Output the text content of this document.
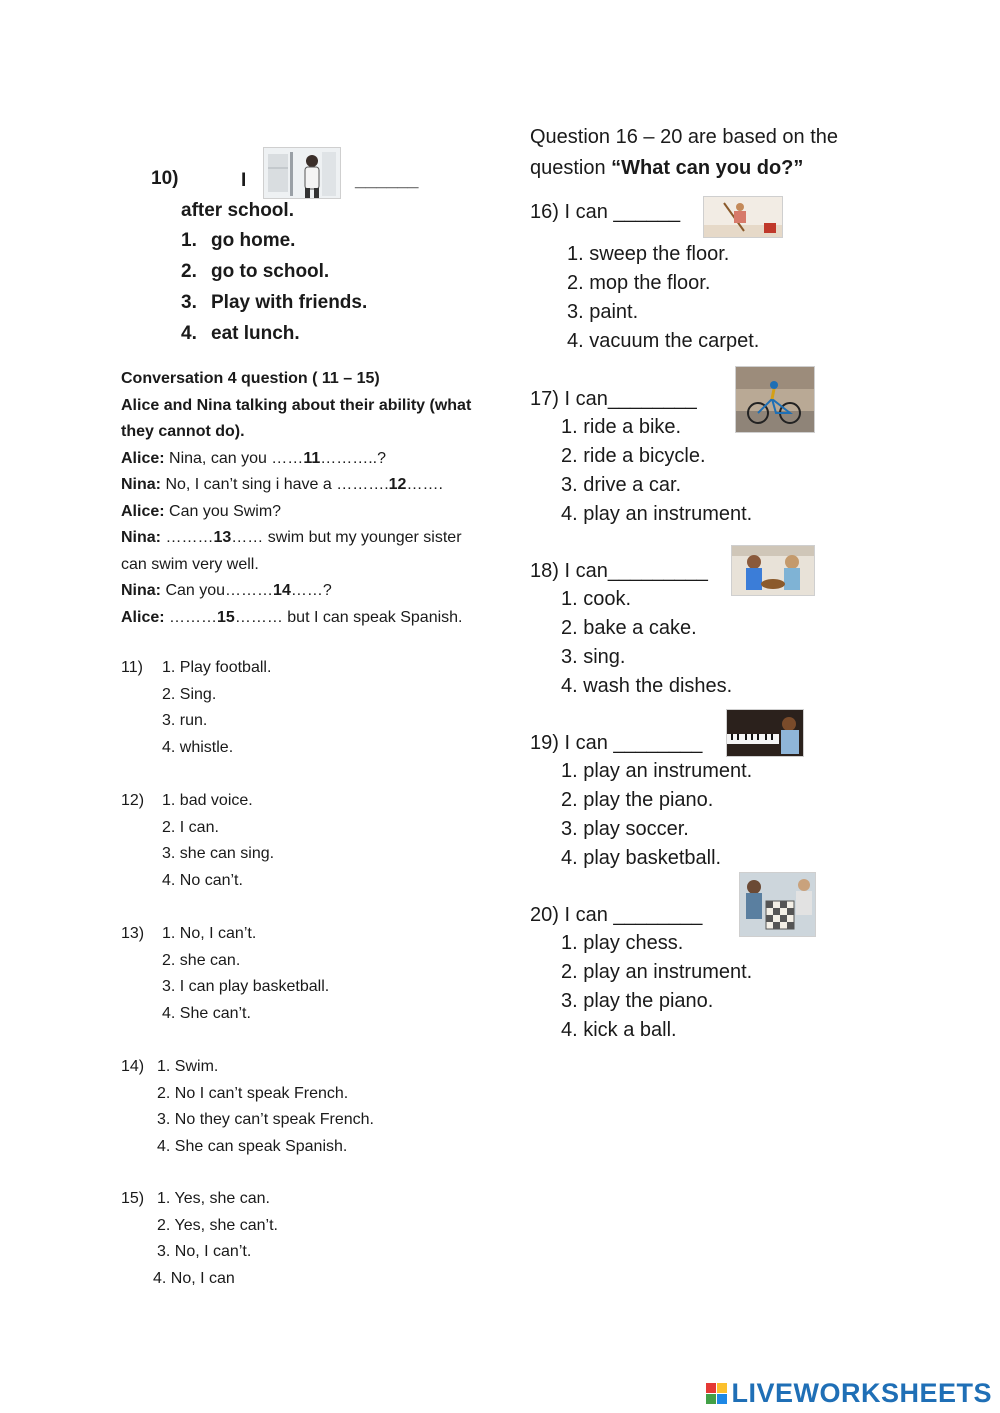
10)	I	______
after school.
1. go home.
2. go to school.
3. Play with friends.
4. eat lunch.
Conversation 4 question ( 11 – 15)
Alice and Nina talking about their ability (what they cannot do).
Alice: Nina, can you ……11………..?
Nina: No, I can’t sing i have a ……….12…….
Alice: Can you Swim?
Nina: ………13…… swim but my younger sister can swim very well.
Nina: Can you………14……?
Alice: ………15……… but I can speak Spanish.
11) 1. Play football.
2. Sing.
3. run.
4. whistle.
12) 1. bad voice.
2. I can.
3. she can sing.
4. No can’t.
13) 1. No, I can’t.
2. she can.
3. I can play basketball.
4. She can’t.
14) 1. Swim.
2. No I can’t speak French.
3. No they can’t speak French.
4. She can speak Spanish.
15) 1. Yes, she can.
2. Yes, she can’t.
3. No, I can’t.
4. No, I can
Question 16 – 20 are based on the question “What can you do?”
16) I can ______
1. sweep the floor.
2. mop the floor.
3. paint.
4. vacuum the carpet.
17) I can________
1. ride a bike.
2. ride a bicycle.
3. drive a car.
4. play an instrument.
18) I can_________
1. cook.
2. bake a cake.
3. sing.
4. wash the dishes.
19) I can ________
1. play an instrument.
2. play the piano.
3. play soccer.
4. play basketball.
20) I can ________
1. play chess.
2. play an instrument.
3. play the piano.
4. kick a ball.
LIVEWORKSHEETS
